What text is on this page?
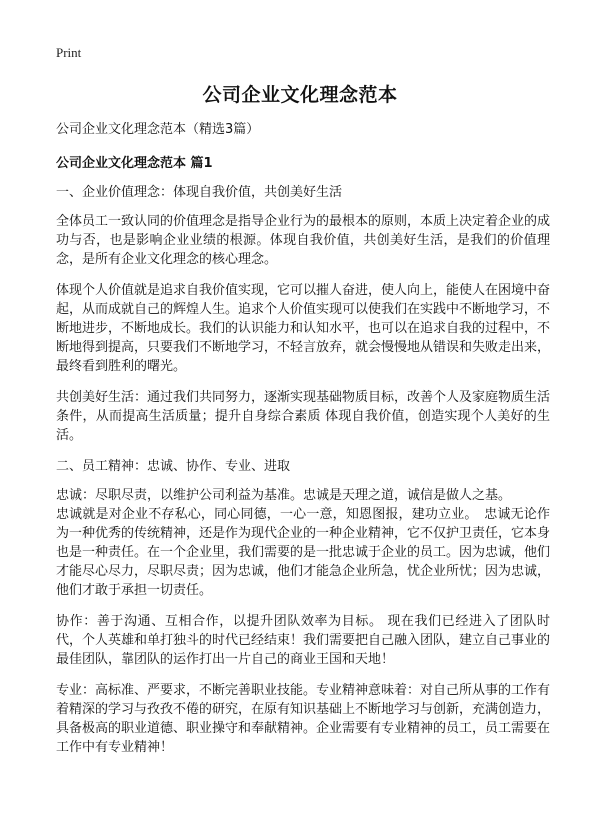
Print
公司企业文化理念范本

公司企业文化理念范本（精选3篇）

公司企业文化理念范本 篇1

一、企业价值理念：体现自我价值，共创美好生活

全体员工一致认同的价值理念是指导企业行为的最根本的原则，本质上决定着企业的成功与否，也是影响企业业绩的根源。体现自我价值，共创美好生活，是我们的价值理念，是所有企业文化理念的核心理念。

体现个人价值就是追求自我价值实现，它可以摧人奋进，使人向上，能使人在困境中奋起，从而成就自己的辉煌人生。追求个人价值实现可以使我们在实践中不断地学习，不断地进步，不断地成长。我们的认识能力和认知水平，也可以在追求自我的过程中，不断地得到提高，只要我们不断地学习，不轻言放弃，就会慢慢地从错误和失败走出来，最终看到胜利的曙光。

共创美好生活：通过我们共同努力，逐渐实现基础物质目标，改善个人及家庭物质生活条件，从而提高生活质量；提升自身综合素质 体现自我价值，创造实现个人美好的生活。

二、员工精神：忠诚、协作、专业、进取

忠诚：尽职尽责，以维护公司利益为基准。忠诚是天理之道，诚信是做人之基。

忠诚就是对企业不存私心，同心同德，一心一意，知恩图报，建功立业。　忠诚无论作为一种优秀的传统精神，还是作为现代企业的一种企业精神，它不仅护卫责任，它本身也是一种责任。在一个企业里，我们需要的是一批忠诚于企业的员工。因为忠诚，他们才能尽心尽力，尽职尽责；因为忠诚，他们才能急企业所急，忧企业所忧；因为忠诚，他们才敢于承担一切责任。

协作：善于沟通、互相合作，以提升团队效率为目标。 现在我们已经进入了团队时代，个人英雄和单打独斗的时代已经结束！我们需要把自己融入团队，建立自己事业的最佳团队，靠团队的运作打出一片自己的商业王国和天地！

专业：高标准、严要求，不断完善职业技能。专业精神意味着：对自己所从事的工作有着精深的学习与孜孜不倦的研究，在原有知识基础上不断地学习与创新，充满创造力，具备极高的职业道德、职业操守和奉献精神。企业需要有专业精神的员工，员工需要在工作中有专业精神！
